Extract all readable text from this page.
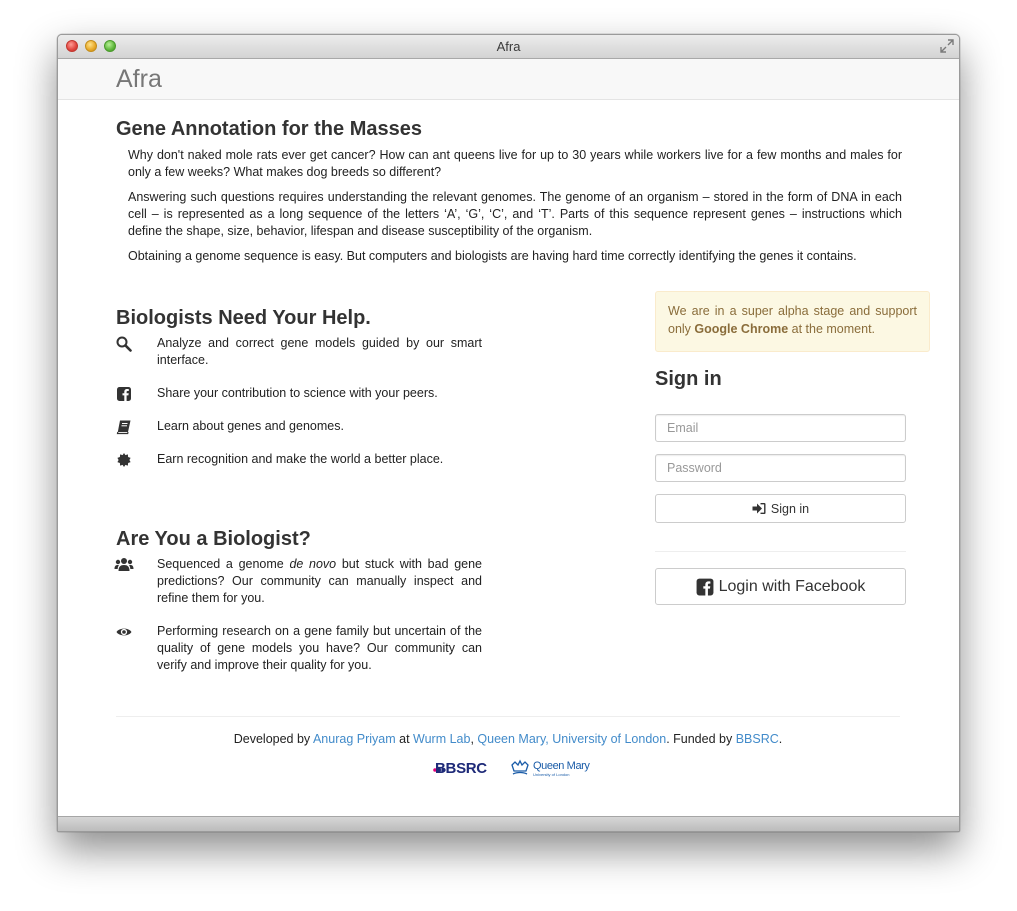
Afra
Afra
Gene Annotation for the Masses

Why don't naked mole rats ever get cancer? How can ant queens live for up to 30 years while workers live for a few months and males for only a few weeks? What makes dog breeds so different?

Answering such questions requires understanding the relevant genomes. The genome of an organism – stored in the form of DNA in each cell – is represented as a long sequence of the letters ‘A’, ‘G’, ‘C’, and ‘T’. Parts of this sequence represent genes – instructions which define the shape, size, behavior, lifespan and disease susceptibility of the organism.

Obtaining a genome sequence is easy. But computers and biologists are having hard time correctly identifying the genes it contains.

Biologists Need Your Help.
Analyze and correct gene models guided by our smart interface.
Share your contribution to science with your peers.
Learn about genes and genomes.
Earn recognition and make the world a better place.
Are You a Biologist?
Sequenced a genome de novo but stuck with bad gene predictions? Our community can manually inspect and refine them for you.
Performing research on a gene family but uncertain of the quality of gene models you have? Our community can verify and improve their quality for you.
We are in a super alpha stage and support only Google Chrome at the moment.
Sign in
Email
Sign in
Login with Facebook
Developed by Anurag Priyam at Wurm Lab, Queen Mary, University of London. Funded by BBSRC.
BBSRC	Queen Mary
University of London
